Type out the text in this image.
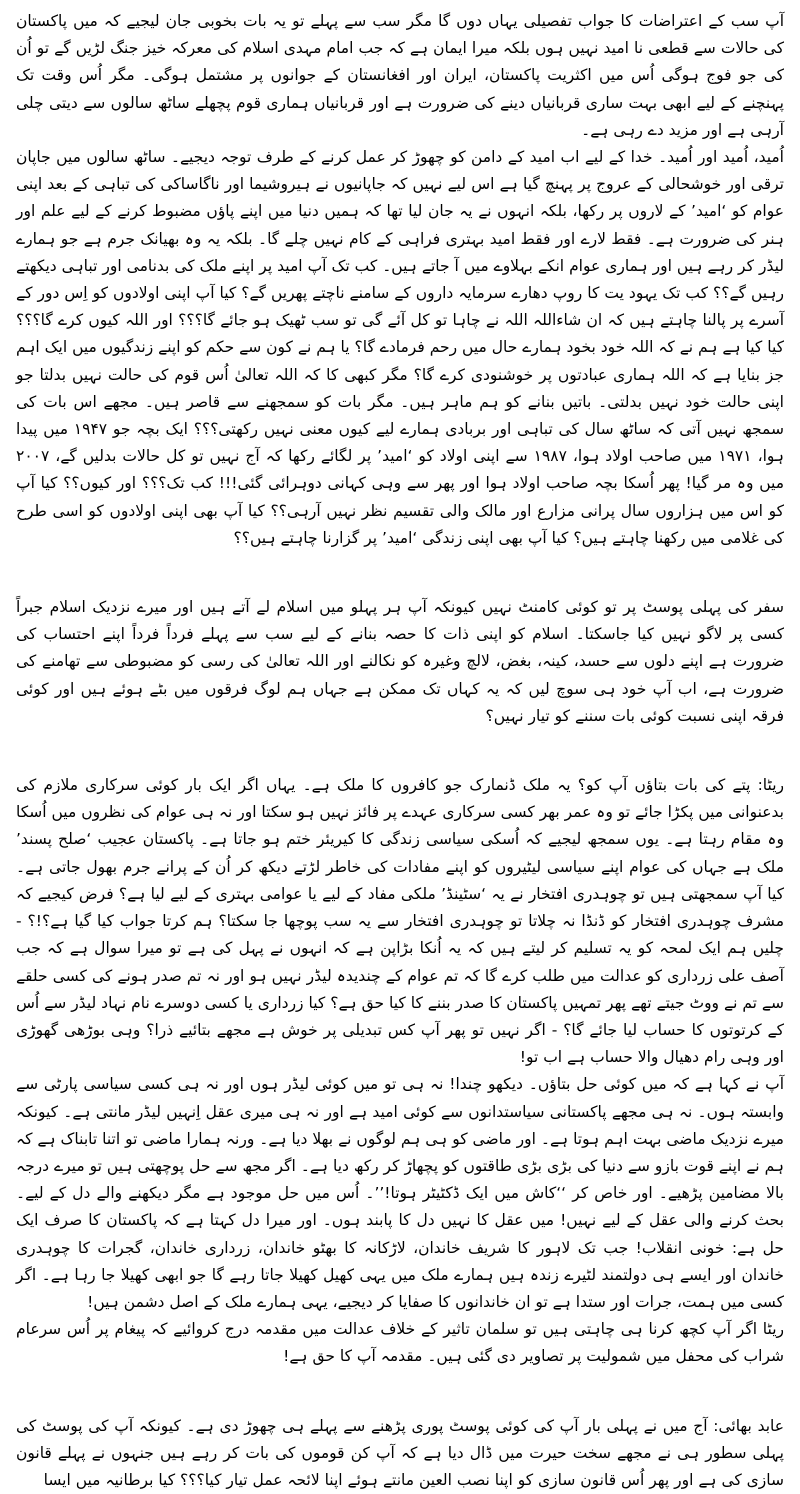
آپ سب کے اعتراضات کا جواب تفصیلی یہاں دوں گا مگر سب سے پہلے تو یہ بات بخوبی جان لیجیے کہ میں پاکستان کی حالات سے قطعی نا امید نہیں ہوں بلکہ میرا ایمان ہے کہ جب امام مہدی اسلام کی معرکہ خیز جنگ لڑیں گے تو اُن کی جو فوج ہوگی اُس میں اکثریت پاکستان، ایران اور افغانستان کے جوانوں پر مشتمل ہوگی۔ مگر اُس وقت تک پہنچنے کے لیے ابھی بہت ساری قربانیاں دینے کی ضرورت ہے اور قربانیاں ہماری قوم پچھلے ساٹھ سالوں سے دیتی چلی آرہی ہے اور مزید دے رہی ہے۔

اُمید، اُمید اور اُمید۔ خدا کے لیے اب امید کے دامن کو چھوڑ کر عمل کرنے کے طرف توجہ دیجیے۔ ساٹھ سالوں میں جاپان ترقی اور خوشحالی کے عروج پر پہنچ گیا ہے اس لیے نہیں کہ جاپانیوں نے ہیروشیما اور ناگاساکی کی تباہی کے بعد اپنی عوام کو ‘امید’ کے لاروں پر رکھا، بلکہ انہوں نے یہ جان لیا تھا کہ ہمیں دنیا میں اپنے پاؤں مضبوط کرنے کے لیے علم اور ہنر کی ضرورت ہے۔ فقط لارے اور فقط امید بہتری فراہی کے کام نہیں چلے گا۔ بلکہ یہ وہ بھیانک جرم ہے جو ہمارے لیڈر کر رہے ہیں اور ہماری عوام انکے بہلاوے میں آ جاتے ہیں۔ کب تک آپ امید پر اپنے ملک کی بدنامی اور تباہی دیکھتے رہیں گے؟؟ کب تک یہود یت کا روپ دھارے سرمایہ داروں کے سامنے ناچتے پھریں گے؟ کیا آپ اپنی اولادوں کو اِس دور کے آسرے پر پالنا چاہتے ہیں کہ ان شاءاللہ اللہ نے چاہا تو کل آئے گی تو سب ٹھیک ہو جائے گا؟؟؟ اور اللہ کیوں کرے گا؟؟؟ کیا کیا ہے ہم نے کہ اللہ خود بخود ہمارے حال میں رحم فرمادے گا؟ یا ہم نے کون سے حکم کو اپنے زندگیوں میں ایک اہم جز بنایا ہے کہ اللہ ہماری عبادتوں پر خوشنودی کرے گا؟ مگر کبھی کا کہ اللہ تعالیٰ اُس قوم کی حالت نہیں بدلتا جو اپنی حالت خود نہیں بدلتی۔ باتیں بنانے کو ہم ماہر ہیں۔ مگر بات کو سمجھنے سے قاصر ہیں۔ مجھے اس بات کی سمجھ نہیں آتی کہ ساٹھ سال کی تباہی اور بربادی ہمارے لیے کیوں معنی نہیں رکھتی؟؟؟ ایک بچہ جو ۱۹۴۷ میں پیدا ہوا، ۱۹۷۱ میں صاحب اولاد ہوا، ۱۹۸۷ سے اپنی اولاد کو ‘امید’ پر لگائے رکھا کہ آج نہیں تو کل حالات بدلیں گے، ۲۰۰۷ میں وہ مر گیا! پھر اُسکا بچہ صاحب اولاد ہوا اور پھر سے وہی کہانی دوہرائی گئی!!! کب تک؟؟؟ اور کیوں؟؟ کیا آپ کو اس میں ہزاروں سال پرانی مزارع اور مالک والی تقسیم نظر نہیں آرہی؟؟ کیا آپ بھی اپنی اولادوں کو اسی طرح کی غلامی میں رکھنا چاہتے ہیں؟ کیا آپ بھی اپنی زندگی ‘امید’ پر گزارنا چاہتے ہیں؟؟

سفر کی پہلی پوسٹ پر تو کوئی کامنٹ نہیں کیونکہ آپ ہر پہلو میں اسلام لے آتے ہیں اور میرے نزدیک اسلام جبراً کسی پر لاگو نہیں کیا جاسکتا۔ اسلام کو اپنی ذات کا حصہ بنانے کے لیے سب سے پہلے فرداً فرداً اپنے احتساب کی ضرورت ہے اپنے دلوں سے حسد، کینہ، بغض، لالچ وغیرہ کو نکالنے اور اللہ تعالیٰ کی رسی کو مضبوطی سے تھامنے کی ضرورت ہے، اب آپ خود ہی سوچ لیں کہ یہ کہاں تک ممکن ہے جہاں ہم لوگ فرقوں میں بٹے ہوئے ہیں اور کوئی فرقہ اپنی نسبت کوئی بات سننے کو تیار نہیں؟

ریٹا: پتے کی بات بتاؤں آپ کو؟ یہ ملک ڈنمارک جو کافروں کا ملک ہے۔ یہاں اگر ایک بار کوئی سرکاری ملازم کی بدعنوانی میں پکڑا جائے تو وہ عمر بھر کسی سرکاری عہدے پر فائز نہیں ہو سکتا اور نہ ہی عوام کی نظروں میں اُسکا وہ مقام رہتا ہے۔ یوں سمجھ لیجیے کہ اُسکی سیاسی زندگی کا کیریئر ختم ہو جاتا ہے۔ پاکستان عجیب ‘صلح پسند’ ملک ہے جہاں کی عوام اپنے سیاسی لیٹیروں کو اپنے مفادات کی خاطر لڑتے دیکھ کر اُن کے پرانے جرم بھول جاتی ہے۔ کیا آپ سمجھتی ہیں تو چوہدری افتخار نے یہ ‘سٹینڈ’ ملکی مفاد کے لیے یا عوامی بہتری کے لیے لیا ہے؟ فرض کیجیے کہ مشرف چوہدری افتخار کو ڈنڈا نہ چلاتا تو چوہدری افتخار سے یہ سب پوچھا جا سکتا؟ ہم کرتا جواب کیا گیا ہے؟!؟ - چلیں ہم ایک لمحہ کو یہ تسلیم کر لیتے ہیں کہ یہ اُنکا بڑاپن ہے کہ انہوں نے پہل کی ہے تو میرا سوال ہے کہ جب آصف علی زرداری کو عدالت میں طلب کرے گا کہ تم عوام کے چندیدہ لیڈر نہیں ہو اور نہ تم صدر ہونے کی کسی حلقے سے تم نے ووٹ جیتے تھے پھر تمہیں پاکستان کا صدر بننے کا کیا حق ہے؟ کیا زرداری یا کسی دوسرے نام نہاد لیڈر سے اُس کے کرتوتوں کا حساب لیا جائے گا؟ - اگر نہیں تو پھر آپ کس تبدیلی پر خوش ہے مجھے بتائیے ذرا؟ وہی بوڑھی گھوڑی اور وہی رام دھیال والا حساب ہے اب تو!

آپ نے کہا ہے کہ میں کوئی حل بتاؤں۔ دیکھو چندا! نہ ہی تو میں کوئی لیڈر ہوں اور نہ ہی کسی سیاسی پارٹی سے وابستہ ہوں۔ نہ ہی مجھے پاکستانی سیاستدانوں سے کوئی امید ہے اور نہ ہی میری عقل اِنہیں لیڈر مانتی ہے۔ کیونکہ میرے نزدیک ماضی بہت اہم ہوتا ہے۔ اور ماضی کو ہی ہم لوگوں نے بھلا دیا ہے۔ ورنہ ہمارا ماضی تو اتنا تابناک ہے کہ ہم نے اپنے قوت بازو سے دنیا کی بڑی بڑی طاقتوں کو پچھاڑ کر رکھ دیا ہے۔ اگر مجھ سے حل پوچھتی ہیں تو میرے درجہ بالا مضامین پڑھیے۔ اور خاص کر ‘‘کاش میں ایک ڈکٹیٹر ہوتا!’’۔ اُس میں حل موجود ہے مگر دیکھنے والے دل کے لیے۔ بحث کرنے والی عقل کے لیے نہیں! میں عقل کا نہیں دل کا پابند ہوں۔ اور میرا دل کہتا ہے کہ پاکستان کا صرف ایک حل ہے: خونی انقلاب! جب تک لاہور کا شریف خاندان، لاڑکانہ کا بھٹو خاندان، زرداری خاندان، گجرات کا چوہدری خاندان اور ایسے ہی دولتمند لٹیرے زندہ ہیں ہمارے ملک میں یہی کھیل کھیلا جاتا رہے گا جو ابھی کھیلا جا رہا ہے۔ اگر کسی میں ہمت، جرات اور ستدا ہے تو ان خاندانوں کا صفایا کر دیجیے، یہی ہمارے ملک کے اصل دشمن ہیں!

ریٹا اگر آپ کچھ کرنا ہی چاہتی ہیں تو سلمان تاثیر کے خلاف عدالت میں مقدمہ درج کروائیے کہ پیغام پر اُس سرعام شراب کی محفل میں شمولیت پر تصاویر دی گئی ہیں۔ مقدمہ آپ کا حق ہے!

عابد بھائی: آج میں نے پہلی بار آپ کی کوئی پوسٹ پوری پڑھنے سے پہلے ہی چھوڑ دی ہے۔ کیونکہ آپ کی پوسٹ کی پہلی سطور ہی نے مجھے سخت حیرت میں ڈال دیا ہے کہ آپ کن قوموں کی بات کر رہے ہیں جنہوں نے پہلے قانون سازی کی ہے اور پھر اُس قانون سازی کو اپنا نصب العین مانتے ہوئے اپنا لائحہ عمل تیار کیا؟؟؟ کیا برطانیہ میں ایسا
